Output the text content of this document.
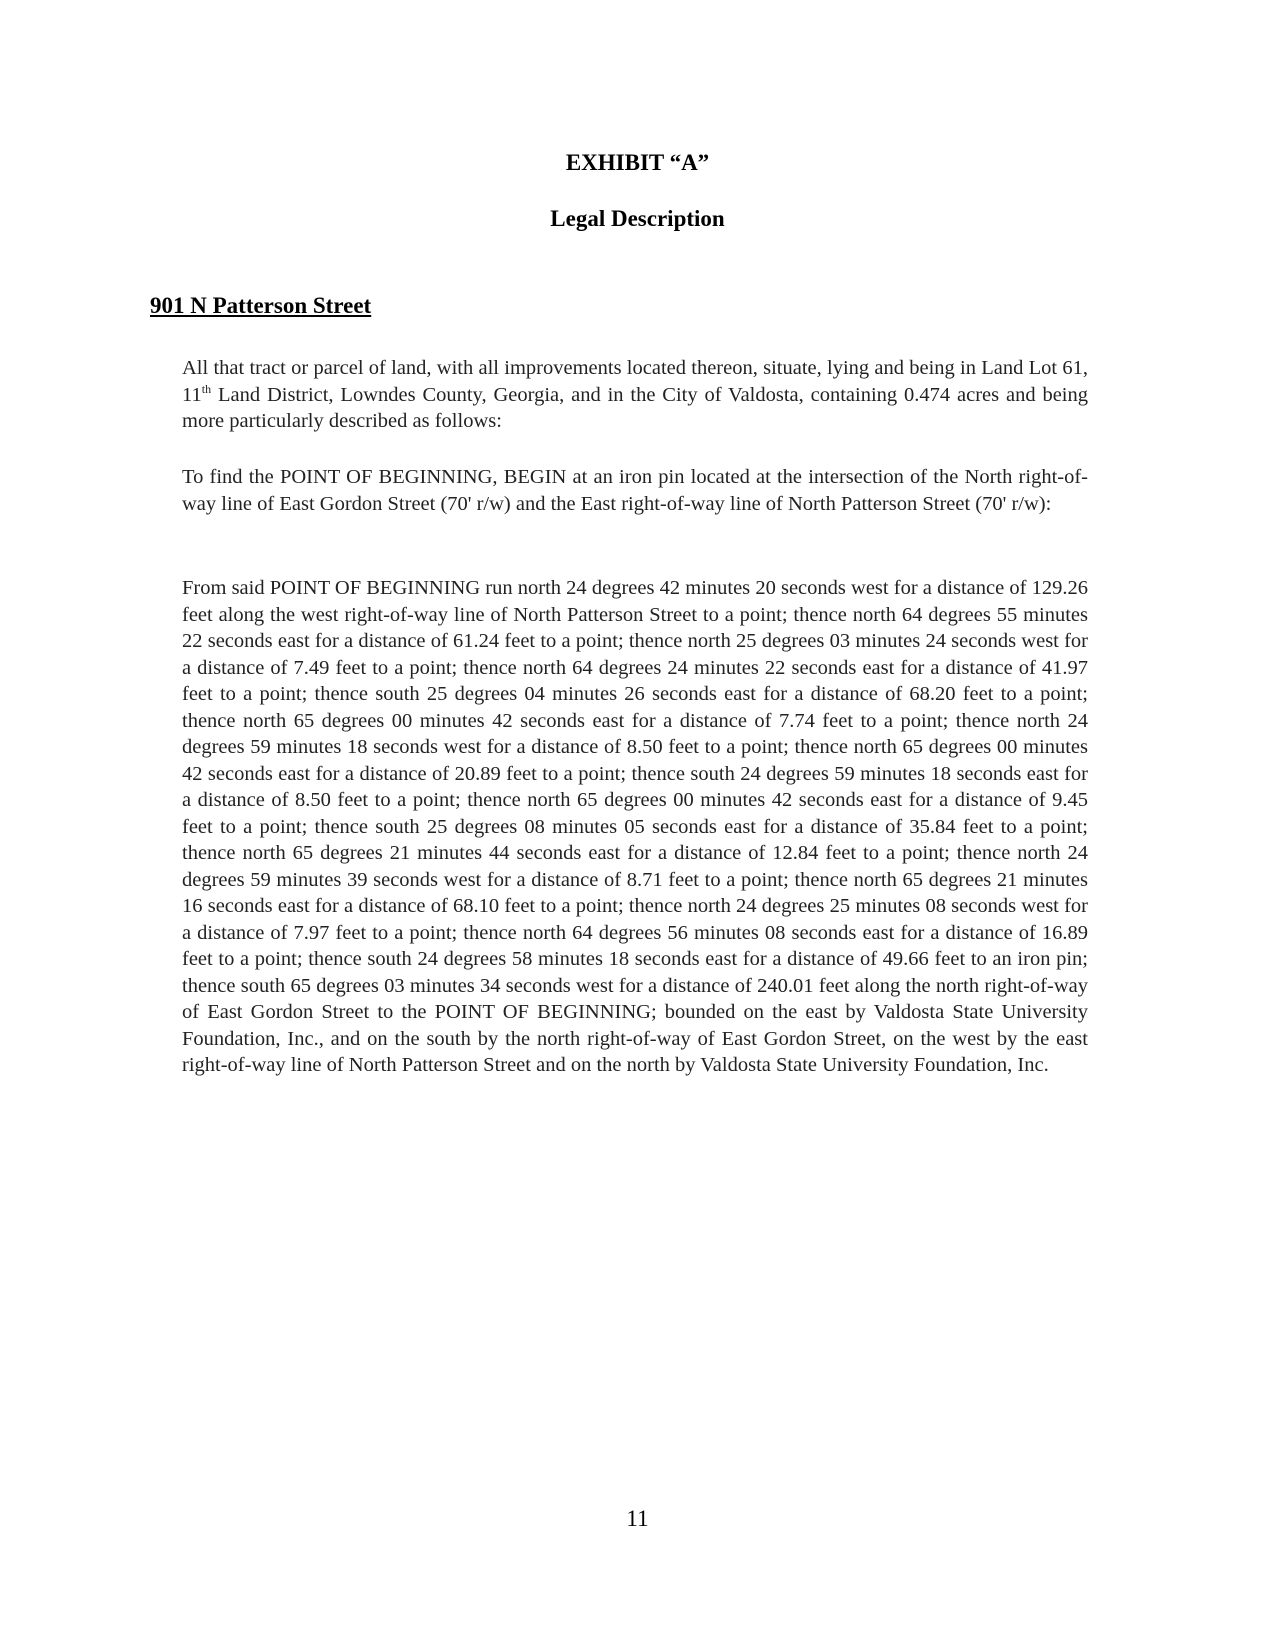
EXHIBIT “A”
Legal Description
901 N Patterson Street

All that tract or parcel of land, with all improvements located thereon, situate, lying and being in Land Lot 61, 11th Land District, Lowndes County, Georgia, and in the City of Valdosta, containing 0.474 acres and being more particularly described as follows:

To find the POINT OF BEGINNING, BEGIN at an iron pin located at the intersection of the North right-of-way line of East Gordon Street (70' r/w) and the East right-of-way line of North Patterson Street (70' r/w):

From said POINT OF BEGINNING run north 24 degrees 42 minutes 20 seconds west for a distance of 129.26 feet along the west right-of-way line of North Patterson Street to a point; thence north 64 degrees 55 minutes 22 seconds east for a distance of 61.24 feet to a point; thence north 25 degrees 03 minutes 24 seconds west for a distance of 7.49 feet to a point; thence north 64 degrees 24 minutes 22 seconds east for a distance of 41.97 feet to a point; thence south 25 degrees 04 minutes 26 seconds east for a distance of 68.20 feet to a point; thence north 65 degrees 00 minutes 42 seconds east for a distance of 7.74 feet to a point; thence north 24 degrees 59 minutes 18 seconds west for a distance of 8.50 feet to a point; thence north 65 degrees 00 minutes 42 seconds east for a distance of 20.89 feet to a point; thence south 24 degrees 59 minutes 18 seconds east for a distance of 8.50 feet to a point; thence north 65 degrees 00 minutes 42 seconds east for a distance of 9.45 feet to a point; thence south 25 degrees 08 minutes 05 seconds east for a distance of 35.84 feet to a point; thence north 65 degrees 21 minutes 44 seconds east for a distance of 12.84 feet to a point; thence north 24 degrees 59 minutes 39 seconds west for a distance of 8.71 feet to a point; thence north 65 degrees 21 minutes 16 seconds east for a distance of 68.10 feet to a point; thence north 24 degrees 25 minutes 08 seconds west for a distance of 7.97 feet to a point; thence north 64 degrees 56 minutes 08 seconds east for a distance of 16.89 feet to a point; thence south 24 degrees 58 minutes 18 seconds east for a distance of 49.66 feet to an iron pin; thence south 65 degrees 03 minutes 34 seconds west for a distance of 240.01 feet along the north right-of-way of East Gordon Street to the POINT OF BEGINNING; bounded on the east by Valdosta State University Foundation, Inc., and on the south by the north right-of-way of East Gordon Street, on the west by the east right-of-way line of North Patterson Street and on the north by Valdosta State University Foundation, Inc.

11
